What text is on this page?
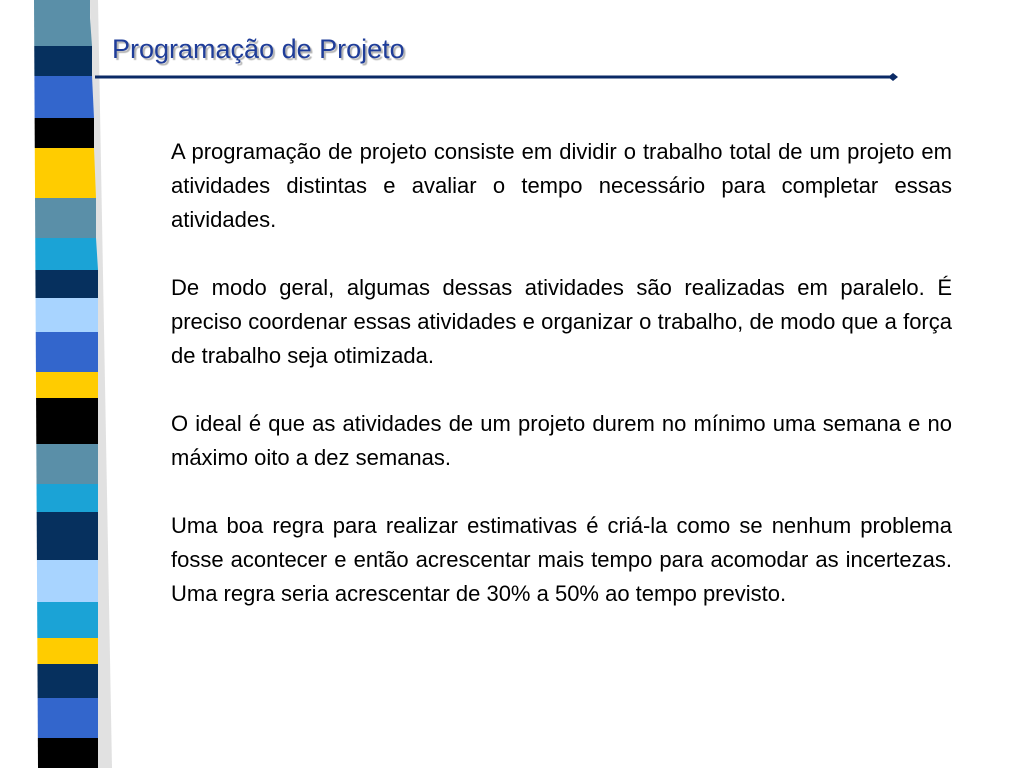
Programação de Projeto

A programação de projeto consiste em dividir o trabalho total de um projeto em atividades distintas e avaliar o tempo necessário para completar essas atividades.

De modo geral, algumas dessas atividades são realizadas em paralelo. É preciso coordenar essas atividades e organizar o trabalho, de modo que a força de trabalho seja otimizada.

O ideal é que as atividades de um projeto durem no mínimo uma semana e no máximo oito a dez semanas.

Uma boa regra para realizar estimativas é criá-la como se nenhum problema fosse acontecer e então acrescentar mais tempo para acomodar as incertezas. Uma regra seria acrescentar de 30% a 50% ao tempo previsto.
